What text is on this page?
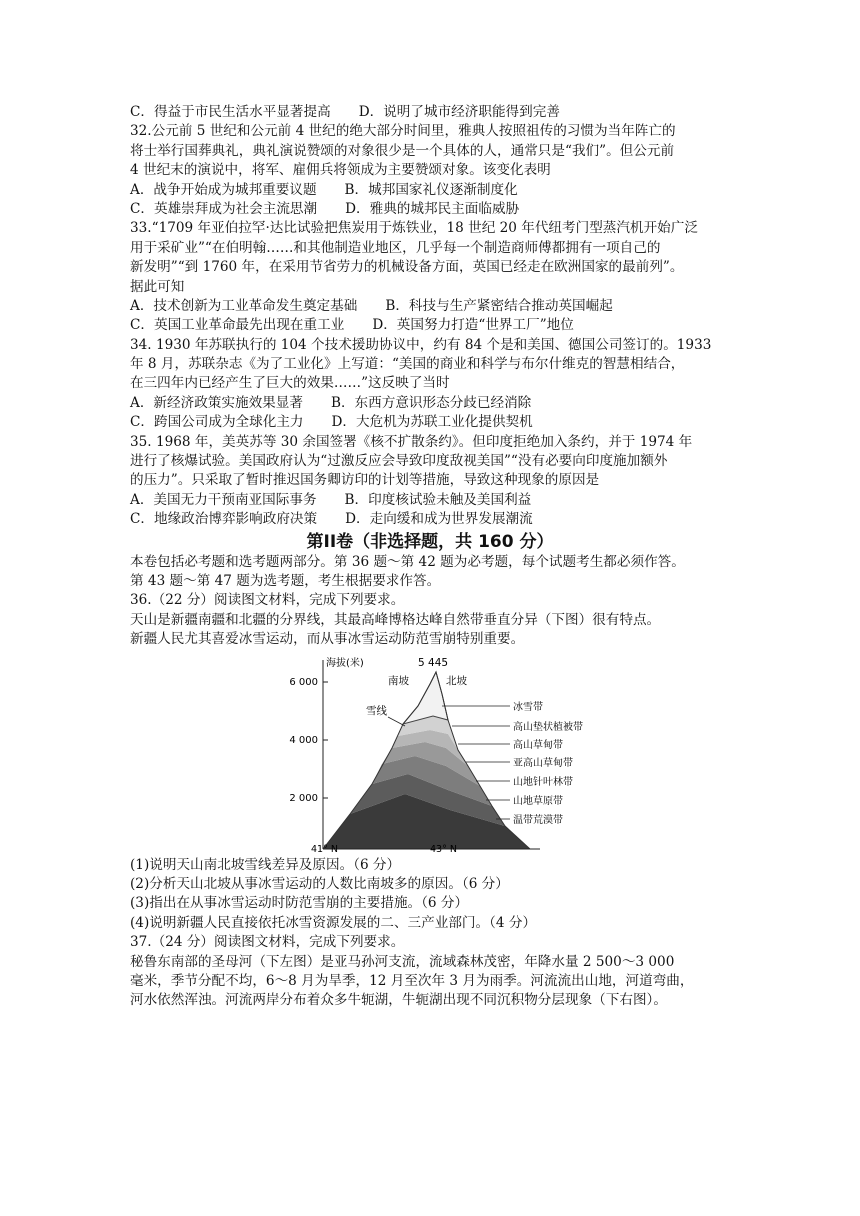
C．得益于市民生活水平显著提高 D．说明了城市经济职能得到完善
32.公元前 5 世纪和公元前 4 世纪的绝大部分时间里，雅典人按照祖传的习惯为当年阵亡的
将士举行国葬典礼，典礼演说赞颂的对象很少是一个具体的人，通常只是“我们”。但公元前
4 世纪末的演说中，将军、雇佣兵将领成为主要赞颂对象。该变化表明
A．战争开始成为城邦重要议题 B．城邦国家礼仪逐渐制度化
C．英雄崇拜成为社会主流思潮 D．雅典的城邦民主面临威胁
33.“1709 年亚伯拉罕·达比试验把焦炭用于炼铁业，18 世纪 20 年代纽考门型蒸汽机开始广泛
用于采矿业”“在伯明翰……和其他制造业地区，几乎每一个制造商师傅都拥有一项自己的
新发明”“到 1760 年，在采用节省劳力的机械设备方面，英国已经走在欧洲国家的最前列”。
据此可知
A．技术创新为工业革命发生奠定基础 B．科技与生产紧密结合推动英国崛起
C．英国工业革命最先出现在重工业 D．英国努力打造“世界工厂”地位
34. 1930 年苏联执行的 104 个技术援助协议中，约有 84 个是和美国、德国公司签订的。1933
年 8 月，苏联杂志《为了工业化》上写道：“美国的商业和科学与布尔什维克的智慧相结合，
在三四年内已经产生了巨大的效果……”这反映了当时
A．新经济政策实施效果显著 B．东西方意识形态分歧已经消除
C．跨国公司成为全球化主力 D．大危机为苏联工业化提供契机
35. 1968 年，美英苏等 30 余国签署《核不扩散条约》。但印度拒绝加入条约，并于 1974 年
进行了核爆试验。美国政府认为“过激反应会导致印度敌视美国”“没有必要向印度施加额外
的压力”。只采取了暂时推迟国务卿访印的计划等措施，导致这种现象的原因是
A．美国无力干预南亚国际事务 B．印度核试验未触及美国利益
C．地缘政治博弈影响政府决策 D．走向缓和成为世界发展潮流
第II卷（非选择题，共 160 分）
本卷包括必考题和选考题两部分。第 36 题～第 42 题为必考题，每个试题考生都必须作答。
第 43 题～第 47 题为选考题，考生根据要求作答。
36.（22 分）阅读图文材料，完成下列要求。
天山是新疆南疆和北疆的分界线，其最高峰博格达峰自然带垂直分异（下图）很有特点。
新疆人民尤其喜爱冰雪运动，而从事冰雪运动防范雪崩特别重要。
海拔(米)
6 000
4 000
2 000
41° N	43° N
5 445
南坡	北坡
雪线	冰雪带
高山垫状植被带
高山草甸带
亚高山草甸带
山地针叶林带
山地草原带
温带荒漠带
(1)说明天山南北坡雪线差异及原因。（6 分）
(2)分析天山北坡从事冰雪运动的人数比南坡多的原因。（6 分）
(3)指出在从事冰雪运动时防范雪崩的主要措施。（6 分）
(4)说明新疆人民直接依托冰雪资源发展的二、三产业部门。（4 分）
37.（24 分）阅读图文材料，完成下列要求。
秘鲁东南部的圣母河（下左图）是亚马孙河支流，流域森林茂密，年降水量 2 500～3 000
毫米，季节分配不均，6～8 月为旱季，12 月至次年 3 月为雨季。河流流出山地，河道弯曲，
河水依然浑浊。河流两岸分布着众多牛轭湖，牛轭湖出现不同沉积物分层现象（下右图）。
